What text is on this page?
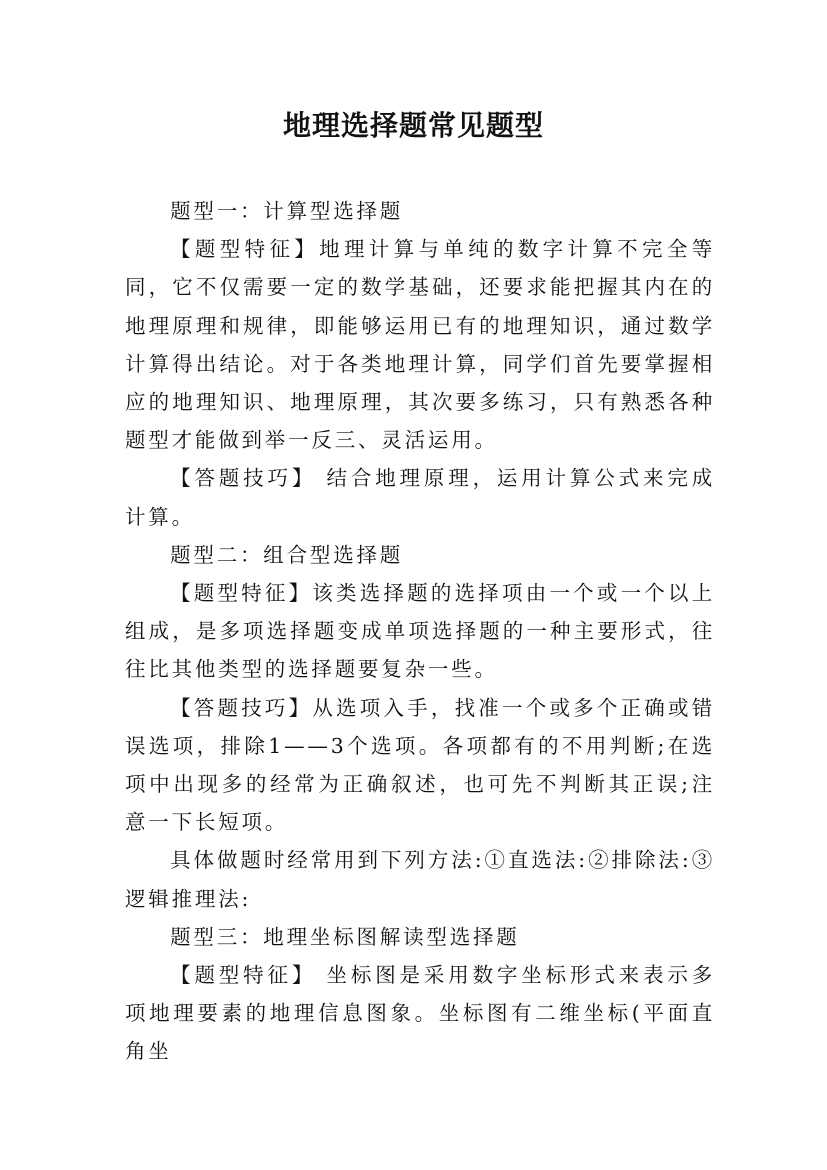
地理选择题常见题型

题型一：计算型选择题

【题型特征】地理计算与单纯的数字计算不完全等同，它不仅需要一定的数学基础，还要求能把握其内在的地理原理和规律，即能够运用已有的地理知识，通过数学计算得出结论。对于各类地理计算，同学们首先要掌握相应的地理知识、地理原理，其次要多练习，只有熟悉各种题型才能做到举一反三、灵活运用。

【答题技巧】 结合地理原理，运用计算公式来完成计算。

题型二：组合型选择题

【题型特征】该类选择题的选择项由一个或一个以上组成，是多项选择题变成单项选择题的一种主要形式，往往比其他类型的选择题要复杂一些。

【答题技巧】从选项入手，找准一个或多个正确或错误选项，排除1——3个选项。各项都有的不用判断;在选项中出现多的经常为正确叙述，也可先不判断其正误;注意一下长短项。

具体做题时经常用到下列方法:①直选法:②排除法:③逻辑推理法:

题型三：地理坐标图解读型选择题

【题型特征】 坐标图是采用数字坐标形式来表示多项地理要素的地理信息图象。坐标图有二维坐标(平面直角坐
